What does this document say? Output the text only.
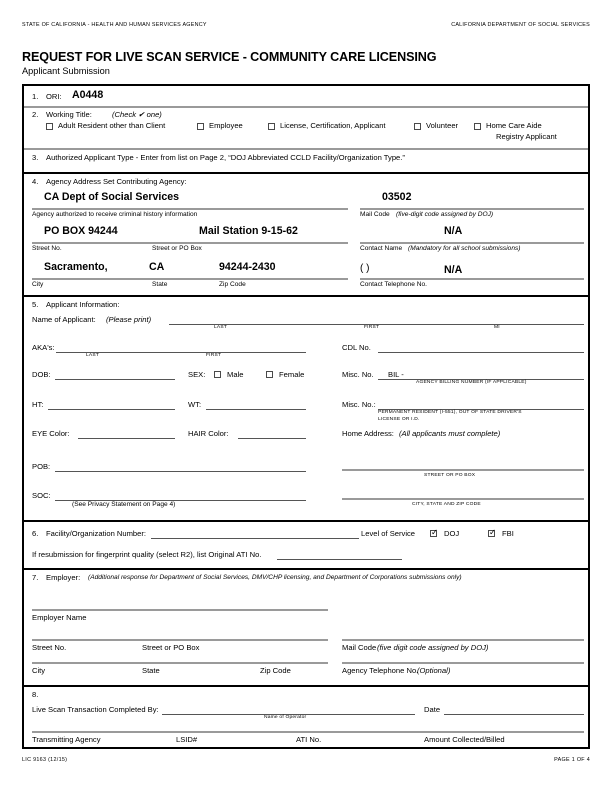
STATE OF CALIFORNIA - HEALTH AND HUMAN SERVICES AGENCY	CALIFORNIA DEPARTMENT OF SOCIAL SERVICES
REQUEST FOR LIVE SCAN SERVICE - COMMUNITY CARE LICENSING
Applicant Submission
1. ORI: A0448
2. Working Title:	(Check ✔ one)
Adult Resident other than Client	Employee	License, Certification, Applicant	Volunteer	Home Care Aide
Registry Applicant
3. Authorized Applicant Type - Enter from list on Page 2, “DOJ Abbreviated CCLD Facility/Organization Type.”
4. Agency Address Set Contributing Agency:
CA Dept of Social Services	03502
Agency authorized to receive criminal history information	Mail Code (five-digit code assigned by DOJ)
PO BOX 94244	Mail Station 9-15-62	N/A
Street No.	Street or PO Box	Contact Name (Mandatory for all school submissions)
Sacramento,	CA	94244-2430	( )	N/A
City	State	Zip Code	Contact Telephone No.
5. Applicant Information:
Name of Applicant: (Please print)
LAST	FIRST	MI
AKA's:
LAST	FIRST
CDL No.
DOB:	SEX:	Male	Female	Misc. No. BIL -
AGENCY BILLING NUMBER (IF APPLICABLE)
HT:	WT:	Misc. No.:
PERMANENT RESIDENT (I-551), OUT OF STATE DRIVER'S
LICENSE OR I.D.
EYE Color:	HAIR Color:	Home Address: (All applicants must complete)
POB:
STREET OR PO BOX
SOC:
(See Privacy Statement on Page 4)	CITY, STATE AND ZIP CODE
6. Facility/Organization Number:	Level of Service ✓	DOJ ✓	FBI
If resubmission for fingerprint quality (select R2), list Original ATI No.
7. Employer: (Additional response for Department of Social Services, DMV/CHP licensing, and Department of Corporations submissions only)
Employer Name
Street No.	Street or PO Box	Mail Code (five digit code assigned by DOJ)
City	State	Zip Code	Agency Telephone No.
(Optional)
8.
Live Scan Transaction Completed By:
Name of Operator
Date
Transmitting Agency	LSID#	ATI No.	Amount Collected/Billed
LIC 9163 (12/15)	PAGE 1 OF 4
